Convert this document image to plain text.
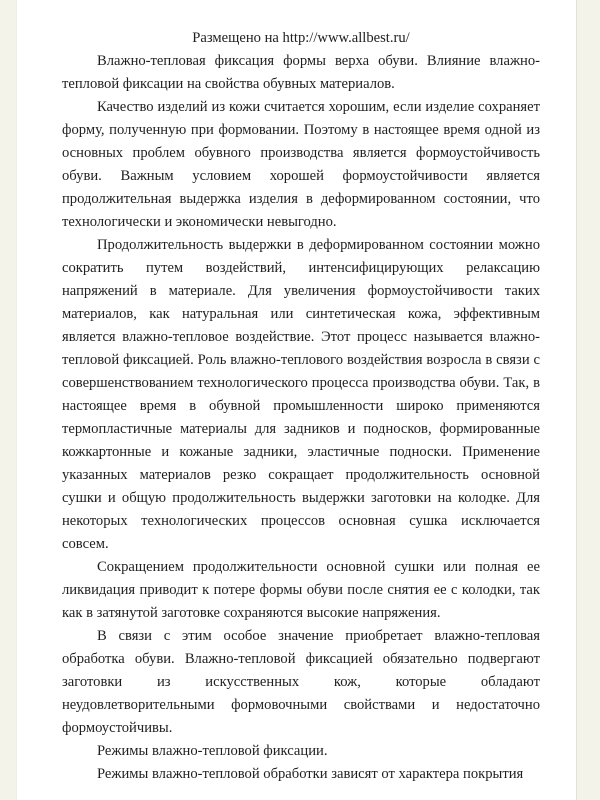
Размещено на http://www.allbest.ru/

Влажно-тепловая фиксация формы верха обуви. Влияние влажно-тепловой фиксации на свойства обувных материалов.

Качество изделий из кожи считается хорошим, если изделие сохраняет форму, полученную при формовании. Поэтому в настоящее время одной из основных проблем обувного производства является формоустойчивость обуви. Важным условием хорошей формоустойчивости является продолжительная выдержка изделия в деформированном состоянии, что технологически и экономически невыгодно.

Продолжительность выдержки в деформированном состоянии можно сократить путем воздействий, интенсифицирующих релаксацию напряжений в материале. Для увеличения формоустойчивости таких материалов, как натуральная или синтетическая кожа, эффективным является влажно-тепловое воздействие. Этот процесс называется влажно-тепловой фиксацией. Роль влажно-теплового воздействия возросла в связи с совершенствованием технологического процесса производства обуви. Так, в настоящее время в обувной промышленности широко применяются термопластичные материалы для задников и подносков, формированные кожкартонные и кожаные задники, эластичные подноски. Применение указанных материалов резко сокращает продолжительность основной сушки и общую продолжительность выдержки заготовки на колодке. Для некоторых технологических процессов основная сушка исключается совсем.

Сокращением продолжительности основной сушки или полная ее ликвидация приводит к потере формы обуви после снятия ее с колодки, так как в затянутой заготовке сохраняются высокие напряжения.

В связи с этим особое значение приобретает влажно-тепловая обработка обуви. Влажно-тепловой фиксацией обязательно подвергают заготовки из искусственных кож, которые обладают неудовлетворительными формовочными свойствами и недостаточно формоустойчивы.

Режимы влажно-тепловой фиксации.

Режимы влажно-тепловой обработки зависят от характера покрытия
